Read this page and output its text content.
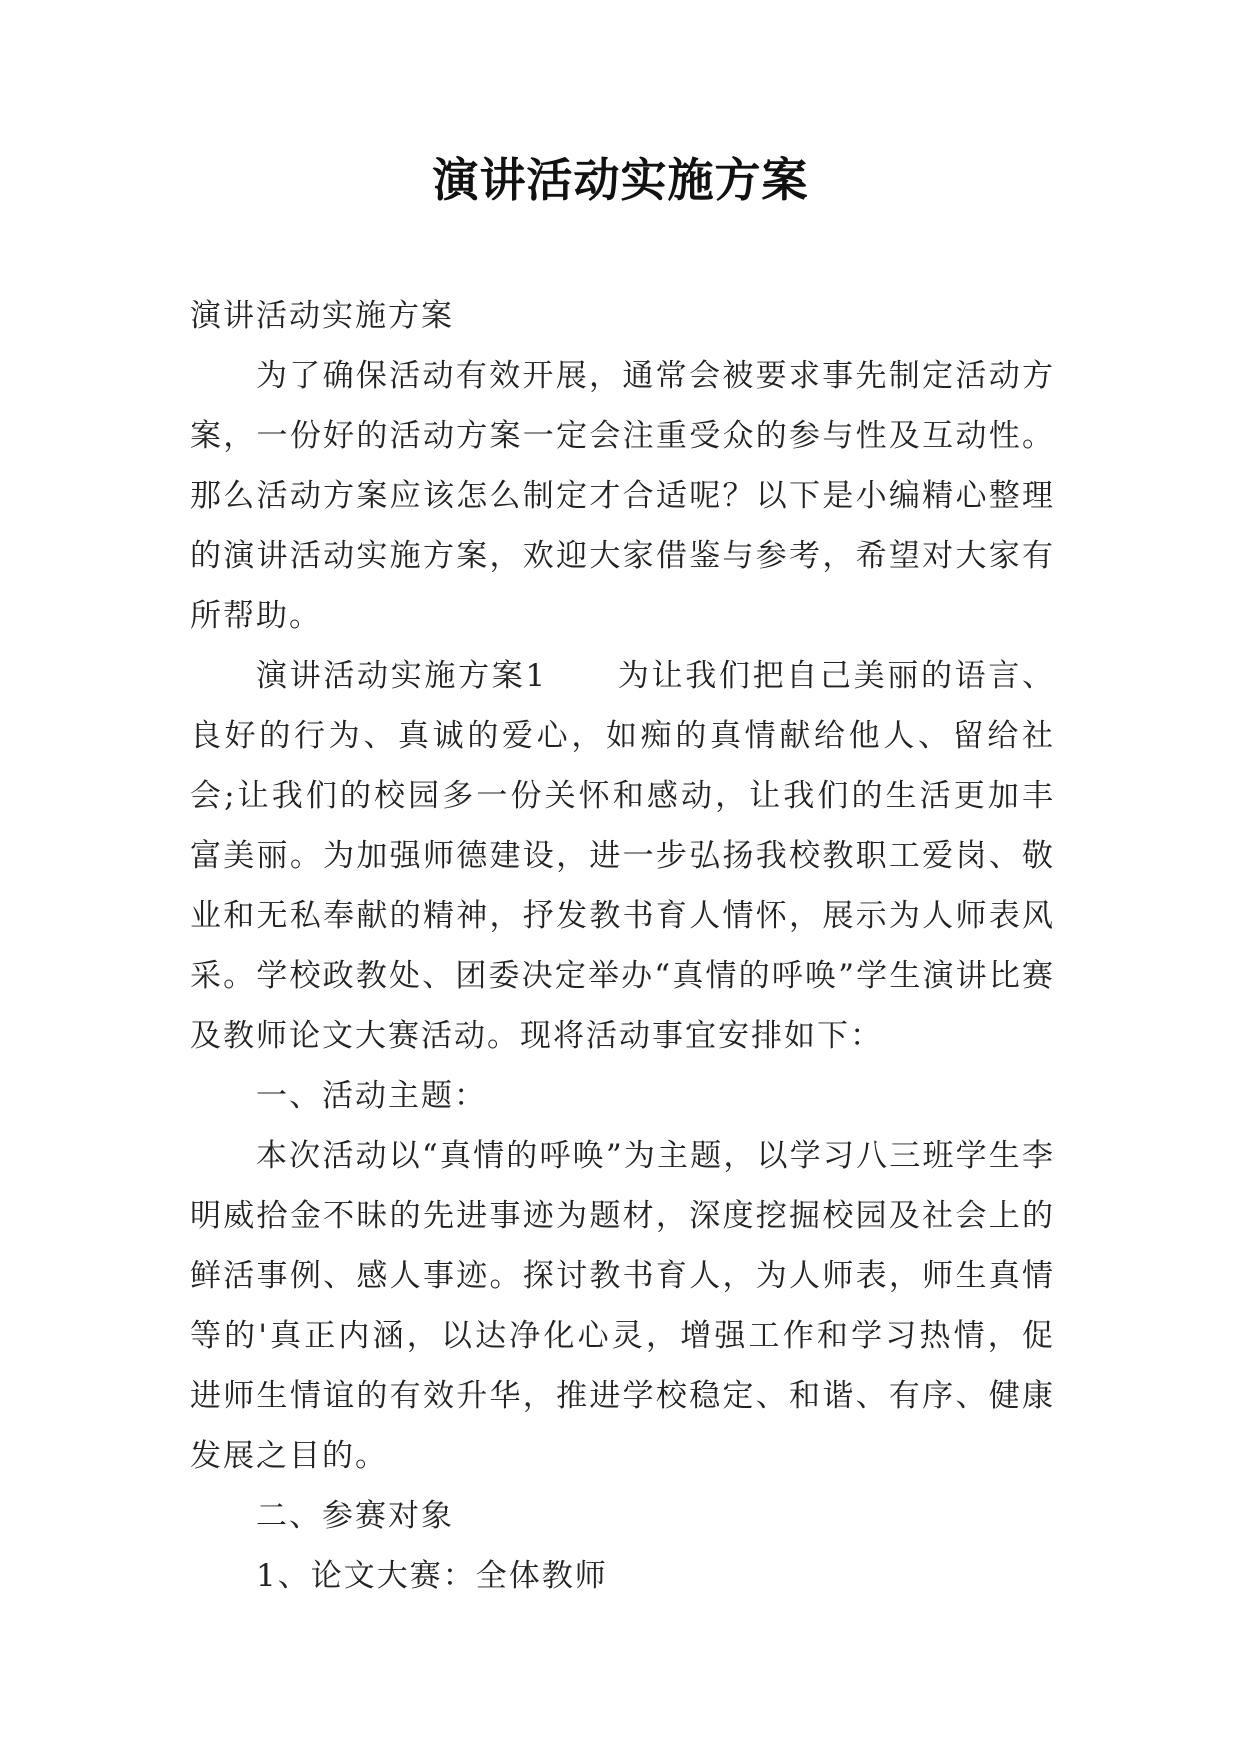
演讲活动实施方案

演讲活动实施方案

为了确保活动有效开展，通常会被要求事先制定活动方案，一份好的活动方案一定会注重受众的参与性及互动性。那么活动方案应该怎么制定才合适呢？以下是小编精心整理的演讲活动实施方案，欢迎大家借鉴与参考，希望对大家有所帮助。

演讲活动实施方案1 为让我们把自己美丽的语言、良好的行为、真诚的爱心，如痴的真情献给他人、留给社会;让我们的校园多一份关怀和感动，让我们的生活更加丰富美丽。为加强师德建设，进一步弘扬我校教职工爱岗、敬业和无私奉献的精神，抒发教书育人情怀，展示为人师表风采。学校政教处、团委决定举办“真情的呼唤”学生演讲比赛及教师论文大赛活动。现将活动事宜安排如下：

一、活动主题：

本次活动以“真情的呼唤”为主题，以学习八三班学生李明威拾金不昧的先进事迹为题材，深度挖掘校园及社会上的鲜活事例、感人事迹。探讨教书育人，为人师表，师生真情等的'真正内涵，以达净化心灵，增强工作和学习热情，促进师生情谊的有效升华，推进学校稳定、和谐、有序、健康发展之目的。

二、参赛对象

1、论文大赛：全体教师
